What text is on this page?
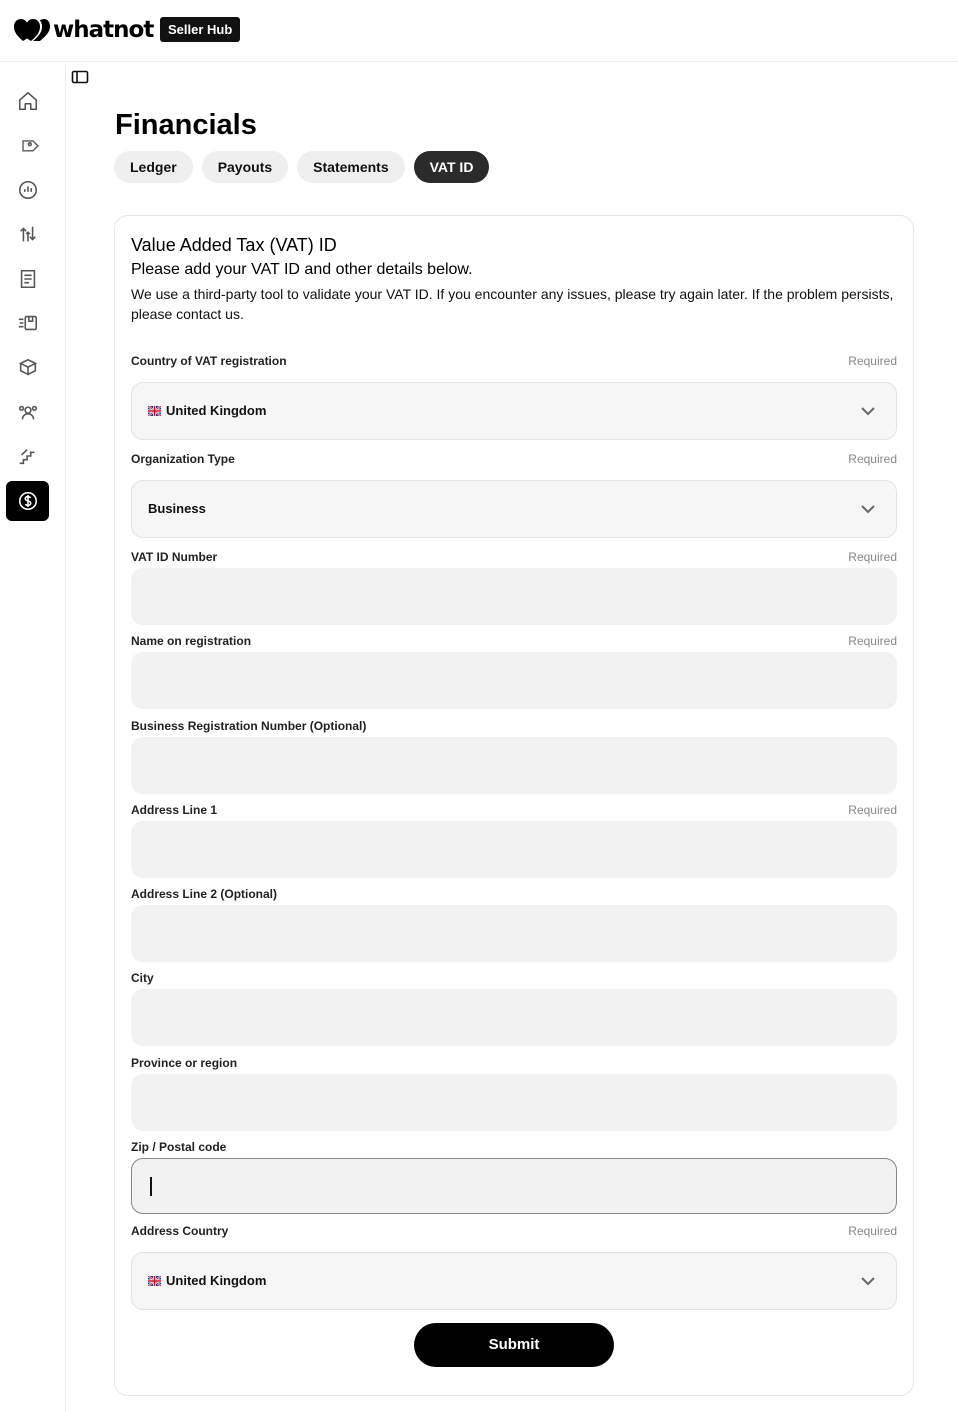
whatnot	Seller Hub
Financials
Ledger	Payouts	Statements	VAT ID
Value Added Tax (VAT) ID
Please add your VAT ID and other details below.
We use a third-party tool to validate your VAT ID. If you encounter any issues, please try again later. If the problem persists, please contact us.
Country of VAT registration	Required
United Kingdom
Organization Type	Required
Business
VAT ID Number	Required
Name on registration	Required
Business Registration Number (Optional)
Address Line 1	Required
Address Line 2 (Optional)
City
Province or region
Zip / Postal code
Address Country	Required
United Kingdom
Submit
